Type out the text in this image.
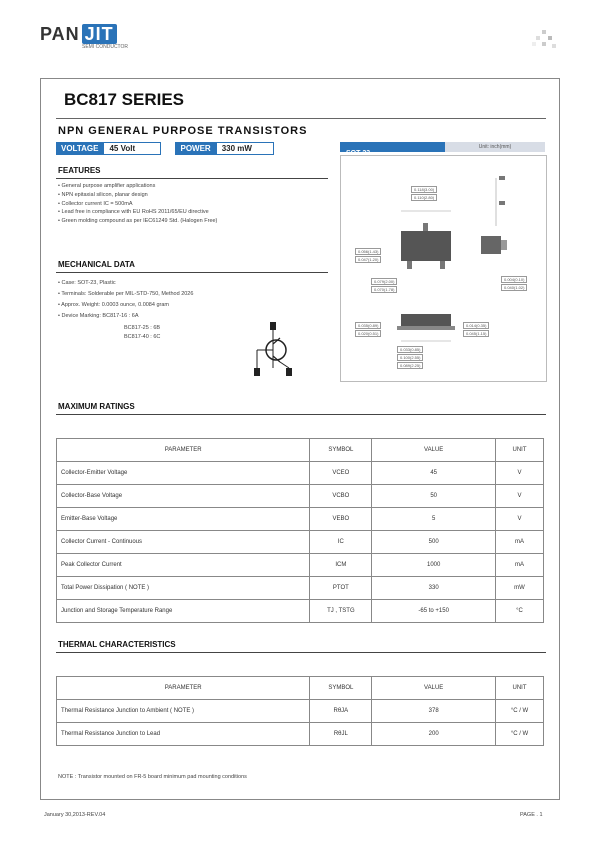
PAN JIT
SEMI CONDUCTOR
BC817 SERIES
NPN GENERAL PURPOSE TRANSISTORS
VOLTAGE	45 Volt	POWER	330 mW
SOT-23
Unit: inch(mm)
0.118(3.00)
0.110(2.80)
0.056(1.43)
0.047(1.20)
0.079(2.00)
0.070(1.78)
0.004(0.10)
0.040(1.02)
0.035(0.89)
0.020(0.51)
0.014(0.35)
0.045(1.15)
0.033(0.85)
0.100(2.55)
0.089(2.25)
FEATURES
• General purpose amplifier applications
• NPN epitaxial silicon, planar design
• Collector current IC = 500mA
• Lead free in compliance with EU RoHS 2011/65/EU directive
• Green molding compound as per IEC61249 Std. (Halogen Free)
MECHANICAL DATA
• Case: SOT-23, Plastic
• Terminals: Solderable per MIL-STD-750, Method 2026
• Approx. Weight: 0.0003 ounce, 0.0084 gram
• Device Marking: BC817-16 : 6A
BC817-25 : 6B
BC817-40 : 6C
MAXIMUM RATINGS
PARAMETER	SYMBOL	VALUE	UNIT
Collector-Emitter Voltage	VCEO	45	V
Collector-Base Voltage	VCBO	50	V
Emitter-Base Voltage	VEBO	5	V
Collector Current - Continuous	IC	500	mA
Peak Collector Current	ICM	1000	mA
Total Power Dissipation ( NOTE )	PTOT	330	mW
Junction and Storage Temperature Range	TJ , TSTG	-65 to +150	°C
THERMAL CHARACTERISTICS
PARAMETER	SYMBOL	VALUE	UNIT
Thermal Resistance Junction to Ambient ( NOTE )	RθJA	378	°C / W
Thermal Resistance Junction to Lead	RθJL	200	°C / W
NOTE : Transistor mounted on FR-5 board minimum pad mounting conditions
January 30,2013-REV.04	PAGE . 1
